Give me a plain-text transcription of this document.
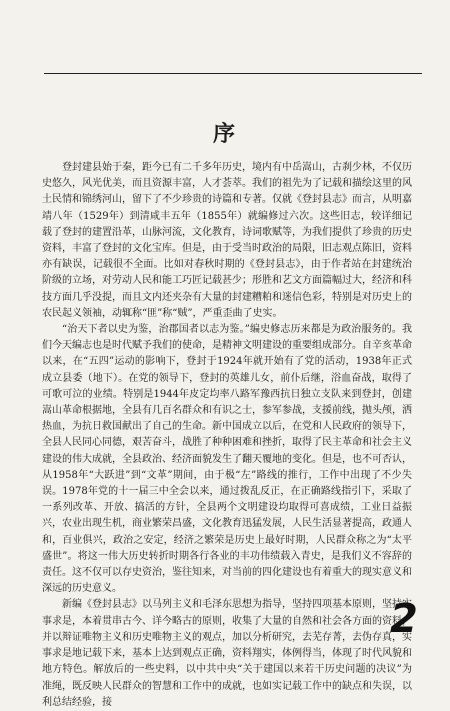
序

登封建县始于秦，距今已有二千多年历史，境内有中岳嵩山，古刹少林，不仅历史悠久，风光优美，而且资源丰富，人才荟萃。我们的祖先为了记载和描绘这里的风土民情和锦绣河山，留下了不少珍贵的诗篇和专著。仅就《登封县志》而言，从明嘉靖八年（1529年）到清咸丰五年（1855年）就编修过六次。这些旧志，较详细记载了登封的建置沿革，山脉河流，文化教育，诗词歌赋等，为我们提供了珍贵的历史资料，丰富了登封的文化宝库。但是，由于受当时政治的局限，旧志观点陈旧，资料亦有缺误，记载很不全面。比如对春秋时期的《登封县志》，由于作者站在封建统治阶级的立场，对劳动人民和能工巧匠记载甚少；形胜和艺文方面篇幅过大，经济和科技方面几乎没提，而且文内还夹杂有大量的封建糟粕和迷信色彩，特别是对历史上的农民起义领袖，动辄称“匪”称“贼”，严重歪曲了史实。

“治天下者以史为鉴，治郡国者以志为鉴。”编史修志历来都是为政治服务的。我们今天编志也是时代赋予我们的使命，是精神文明建设的重要组成部分。自辛亥革命以来，在“五四”运动的影响下，登封于1924年就开始有了党的活动，1938年正式成立县委（地下）。在党的领导下，登封的英雄儿女，前仆后继，浴血奋战，取得了可歌可泣的业绩。特别是1944年皮定均率八路军豫西抗日独立支队来到登封，创建嵩山革命根据地，全县有几百名群众和有识之士，参军参战，支援前线，抛头颅，洒热血，为抗日救国献出了自己的生命。新中国成立以后，在党和人民政府的领导下，全县人民同心同德，艰苦奋斗，战胜了种种困难和挫折，取得了民主革命和社会主义建设的伟大成就，全县政治、经济面貌发生了翻天覆地的变化。但是，也不可否认，从1958年“大跃进”到“文革”期间，由于极“左”路线的推行，工作中出现了不少失误。1978年党的十一届三中全会以来，通过拨乱反正，在正确路线指引下，采取了一系列改革、开放、搞活的方针，全县两个文明建设均取得可喜成绩，工业日益振兴，农业出现生机，商业繁荣昌盛，文化教育迅猛发展，人民生活显著提高，政通人和，百业俱兴，政治之安定，经济之繁荣是历史上最好时期，人民群众称之为“太平盛世”。将这一伟大历史转折时期各行各业的丰功伟绩载入青史，是我们义不容辞的责任。这不仅可以存史资治，鉴往知来，对当前的四化建设也有着重大的现实意义和深远的历史意义。

新编《登封县志》以马列主义和毛泽东思想为指导，坚持四项基本原则，坚持实事求是，本着贯串古今、详今略古的原则，收集了大量的自然和社会各方面的资料，并以辩证唯物主义和历史唯物主义的观点，加以分析研究，去芜存菁，去伪存真，实事求是地记载下来，基本上达到观点正确，资料翔实，体例得当，体现了时代风貌和地方特色。解放后的一些史料，以中共中央“关于建国以来若干历史问题的决议”为准绳，既反映人民群众的智慧和工作中的成就，也如实记载工作中的缺点和失误，以利总结经验，接

2
